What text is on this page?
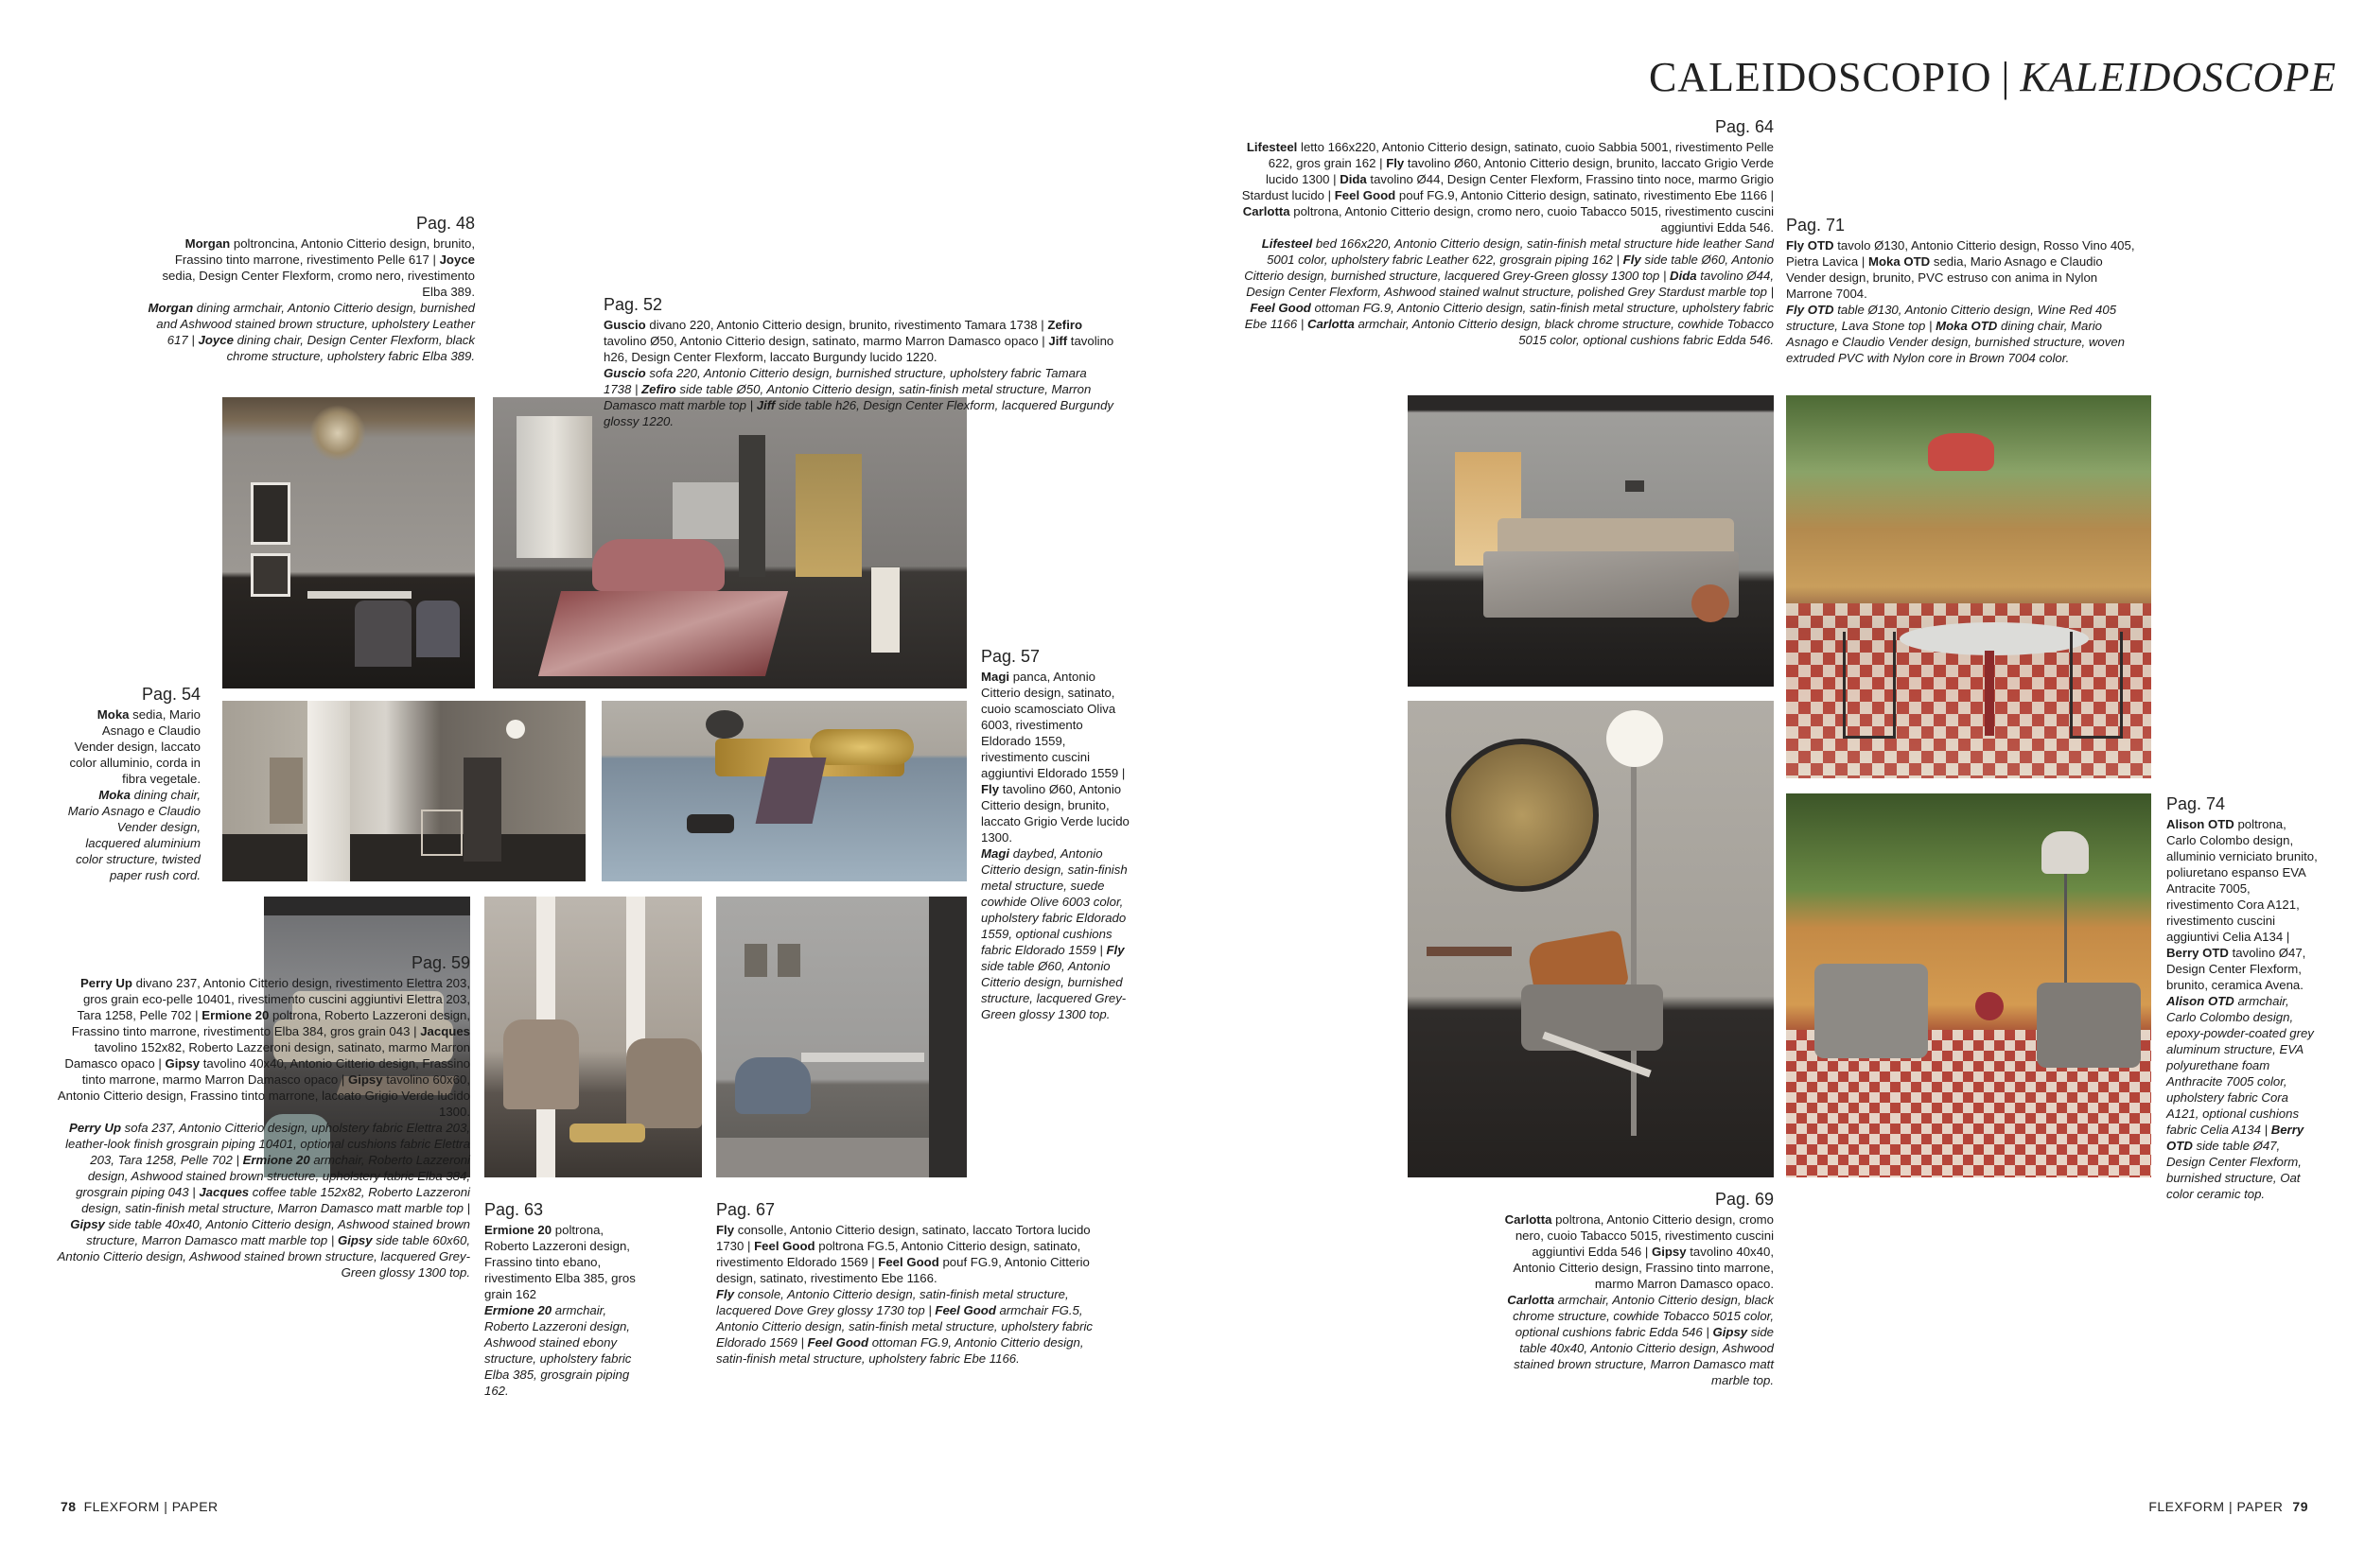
CALEIDOSCOPIO | KALEIDOSCOPE
Pag. 48

Morgan poltroncina, Antonio Citterio design, brunito, Frassino tinto marrone, rivestimento Pelle 617 | Joyce sedia, Design Center Flexform, cromo nero, rivestimento Elba 389.

Morgan dining armchair, Antonio Citterio design, burnished and Ashwood stained brown structure, upholstery Leather 617 | Joyce dining chair, Design Center Flexform, black chrome structure, upholstery fabric Elba 389.

Pag. 52

Guscio divano 220, Antonio Citterio design, brunito, rivestimento Tamara 1738 | Zefiro tavolino Ø50, Antonio Citterio design, satinato, marmo Marron Damasco opaco | Jiff tavolino h26, Design Center Flexform, laccato Burgundy lucido 1220.

Guscio sofa 220, Antonio Citterio design, burnished structure, upholstery fabric Tamara 1738 | Zefiro side table Ø50, Antonio Citterio design, satin-finish metal structure, Marron Damasco matt marble top | Jiff side table h26, Design Center Flexform, lacquered Burgundy glossy 1220.

Pag. 54

Moka sedia, Mario Asnago e Claudio Vender design, laccato color alluminio, corda in fibra vegetale.

Moka dining chair, Mario Asnago e Claudio Vender design, lacquered aluminium color structure, twisted paper rush cord.

Pag. 57

Magi panca, Antonio Citterio design, satinato, cuoio scamosciato Oliva 6003, rivestimento Eldorado 1559, rivestimento cuscini aggiuntivi Eldorado 1559 | Fly tavolino Ø60, Antonio Citterio design, brunito, laccato Grigio Verde lucido 1300.

Magi daybed, Antonio Citterio design, satin-finish metal structure, suede cowhide Olive 6003 color, upholstery fabric Eldorado 1559, optional cushions fabric Eldorado 1559 | Fly side table Ø60, Antonio Citterio design, burnished structure, lacquered Grey-Green glossy 1300 top.

Pag. 59

Perry Up divano 237, Antonio Citterio design, rivestimento Elettra 203, gros grain eco-pelle 10401, rivestimento cuscini aggiuntivi Elettra 203, Tara 1258, Pelle 702 | Ermione 20 poltrona, Roberto Lazzeroni design, Frassino tinto marrone, rivestimento Elba 384, gros grain 043 | Jacques tavolino 152x82, Roberto Lazzeroni design, satinato, marmo Marron Damasco opaco | Gipsy tavolino 40x40, Antonio Citterio design, Frassino tinto marrone, marmo Marron Damasco opaco | Gipsy tavolino 60x60, Antonio Citterio design, Frassino tinto marrone, laccato Grigio Verde lucido 1300.

Perry Up sofa 237, Antonio Citterio design, upholstery fabric Elettra 203, leather-look finish grosgrain piping 10401, optional cushions fabric Elettra 203, Tara 1258, Pelle 702 | Ermione 20 armchair, Roberto Lazzeroni design, Ashwood stained brown structure, upholstery fabric Elba 384, grosgrain piping 043 | Jacques coffee table 152x82, Roberto Lazzeroni design, satin-finish metal structure, Marron Damasco matt marble top | Gipsy side table 40x40, Antonio Citterio design, Ashwood stained brown structure, Marron Damasco matt marble top | Gipsy side table 60x60, Antonio Citterio design, Ashwood stained brown structure, lacquered Grey-Green glossy 1300 top.

Pag. 63

Ermione 20 poltrona, Roberto Lazzeroni design, Frassino tinto ebano, rivestimento Elba 385, gros grain 162

Ermione 20 armchair, Roberto Lazzeroni design, Ashwood stained ebony structure, upholstery fabric Elba 385, grosgrain piping 162.

Pag. 67

Fly consolle, Antonio Citterio design, satinato, laccato Tortora lucido 1730 | Feel Good poltrona FG.5, Antonio Citterio design, satinato, rivestimento Eldorado 1569 | Feel Good pouf FG.9, Antonio Citterio design, satinato, rivestimento Ebe 1166.

Fly console, Antonio Citterio design, satin-finish metal structure, lacquered Dove Grey glossy 1730 top | Feel Good armchair FG.5, Antonio Citterio design, satin-finish metal structure, upholstery fabric Eldorado 1569 | Feel Good ottoman FG.9, Antonio Citterio design, satin-finish metal structure, upholstery fabric Ebe 1166.

Pag. 64

Lifesteel letto 166x220, Antonio Citterio design, satinato, cuoio Sabbia 5001, rivestimento Pelle 622, gros grain 162 | Fly tavolino Ø60, Antonio Citterio design, brunito, laccato Grigio Verde lucido 1300 | Dida tavolino Ø44, Design Center Flexform, Frassino tinto noce, marmo Grigio Stardust lucido | Feel Good pouf FG.9, Antonio Citterio design, satinato, rivestimento Ebe 1166 | Carlotta poltrona, Antonio Citterio design, cromo nero, cuoio Tabacco 5015, rivestimento cuscini aggiuntivi Edda 546.

Lifesteel bed 166x220, Antonio Citterio design, satin-finish metal structure hide leather Sand 5001 color, upholstery fabric Leather 622, grosgrain piping 162 | Fly side table Ø60, Antonio Citterio design, burnished structure, lacquered Grey-Green glossy 1300 top | Dida tavolino Ø44, Design Center Flexform, Ashwood stained walnut structure, polished Grey Stardust marble top | Feel Good ottoman FG.9, Antonio Citterio design, satin-finish metal structure, upholstery fabric Ebe 1166 | Carlotta armchair, Antonio Citterio design, black chrome structure, cowhide Tobacco 5015 color, optional cushions fabric Edda 546.

Pag. 71

Fly OTD tavolo Ø130, Antonio Citterio design, Rosso Vino 405, Pietra Lavica | Moka OTD sedia, Mario Asnago e Claudio Vender design, brunito, PVC estruso con anima in Nylon Marrone 7004.

Fly OTD table Ø130, Antonio Citterio design, Wine Red 405 structure, Lava Stone top | Moka OTD dining chair, Mario Asnago e Claudio Vender design, burnished structure, woven extruded PVC with Nylon core in Brown 7004 color.

Pag. 69

Carlotta poltrona, Antonio Citterio design, cromo nero, cuoio Tabacco 5015, rivestimento cuscini aggiuntivi Edda 546 | Gipsy tavolino 40x40, Antonio Citterio design, Frassino tinto marrone, marmo Marron Damasco opaco.

Carlotta armchair, Antonio Citterio design, black chrome structure, cowhide Tobacco 5015 color, optional cushions fabric Edda 546 | Gipsy side table 40x40, Antonio Citterio design, Ashwood stained brown structure, Marron Damasco matt marble top.

Pag. 74

Alison OTD poltrona, Carlo Colombo design, alluminio verniciato brunito, poliuretano espanso EVA Antracite 7005, rivestimento Cora A121, rivestimento cuscini aggiuntivi Celia A134 | Berry OTD tavolino Ø47, Design Center Flexform, brunito, ceramica Avena.

Alison OTD armchair, Carlo Colombo design, epoxy-powder-coated grey aluminum structure, EVA polyurethane foam Anthracite 7005 color, upholstery fabric Cora A121, optional cushions fabric Celia A134 | Berry OTD side table Ø47, Design Center Flexform, burnished structure, Oat color ceramic top.

78 FLEXFORM | PAPER	FLEXFORM | PAPER 79
